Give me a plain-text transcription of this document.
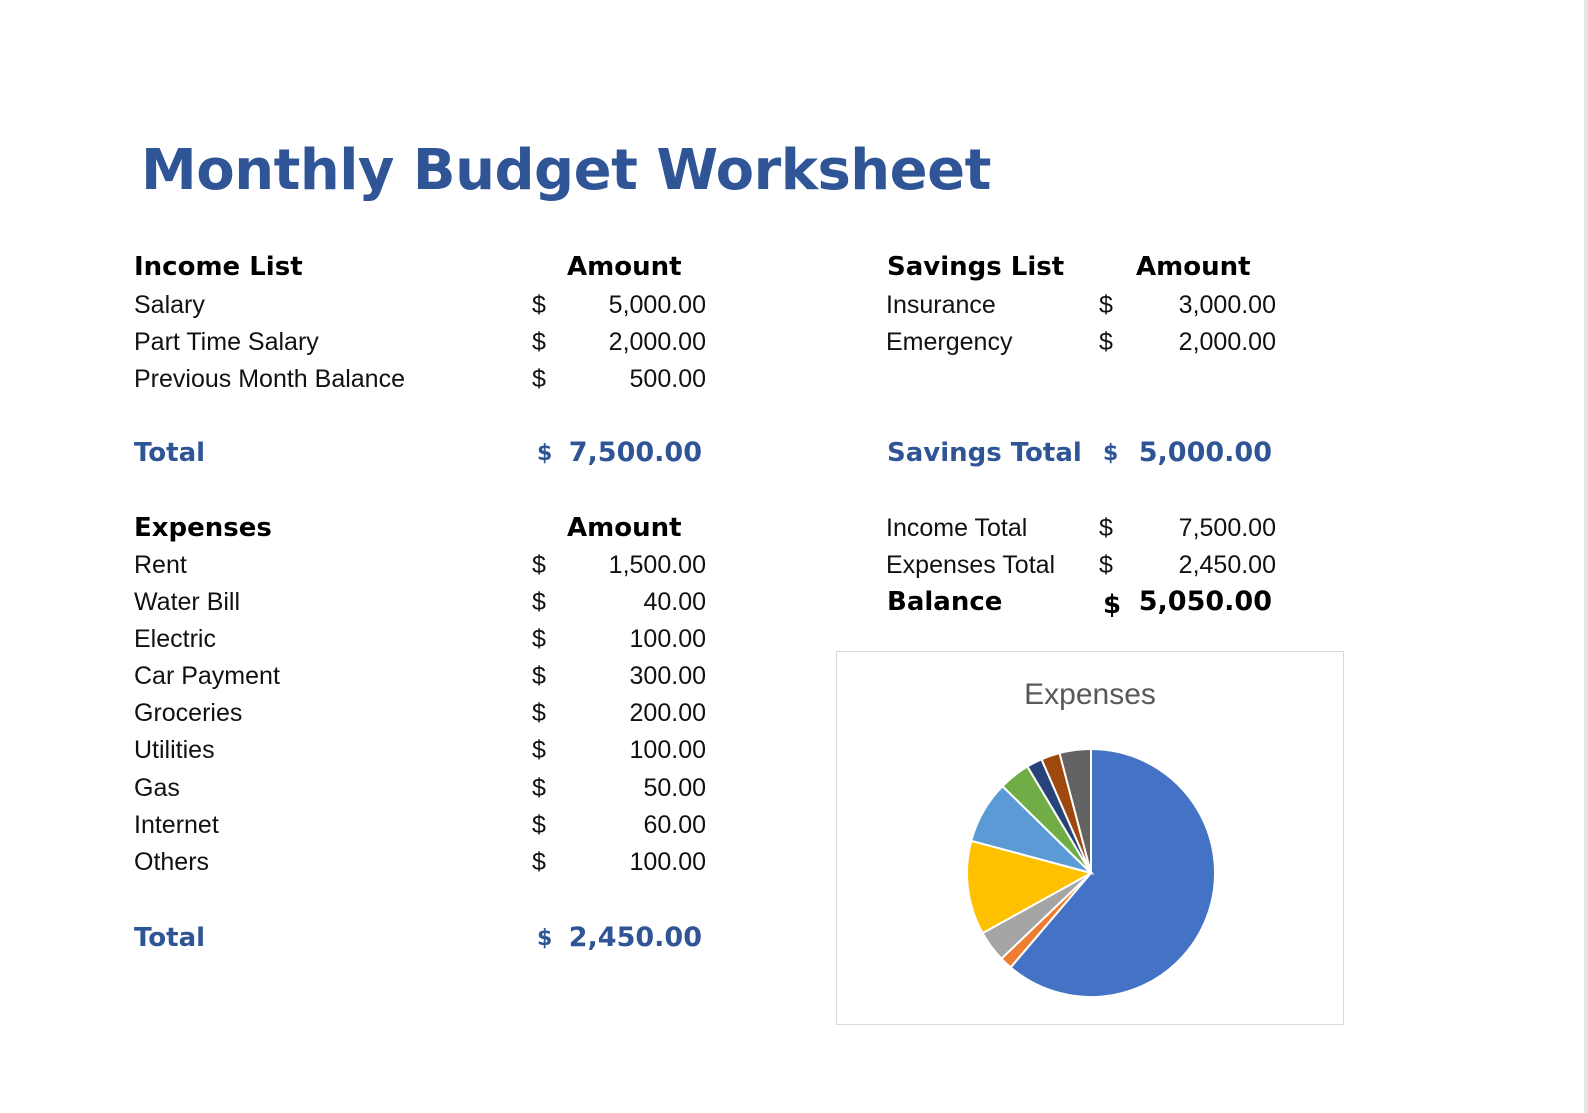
Monthly Budget Worksheet
Income List	Amount
Salary	$	5,000.00
Part Time Salary	$	2,000.00
Previous Month Balance	$	500.00
Total	$ 7,500.00
Expenses	Amount
Rent	$	1,500.00
Water Bill	$	40.00
Electric	$	100.00
Car Payment	$	300.00
Groceries	$	200.00
Utilities	$	100.00
Gas	$	50.00
Internet	$	60.00
Others	$	100.00
Total	$ 2,450.00
Savings List	Amount
Insurance	$	3,000.00
Emergency	$	2,000.00
Savings Total $ 5,000.00
Income Total	$	7,500.00
Expenses Total $	2,450.00
Balance	$ 5,050.00
Expenses
